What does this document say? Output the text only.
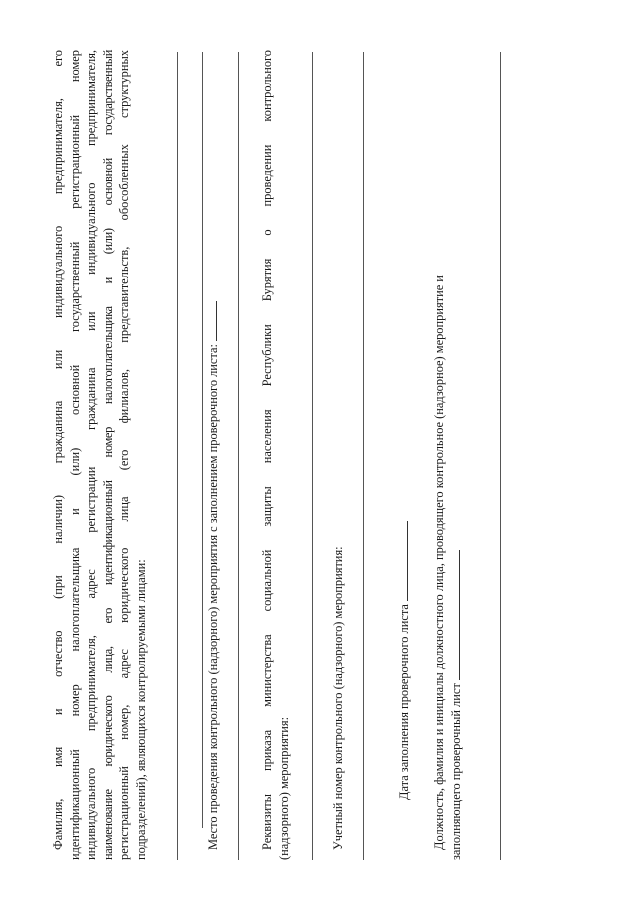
Фамилия, имя и отчество (при наличии) гражданина или индивидуального предпринимателя, его идентификационный номер налогоплательщика и (или) основной государственный регистрационный номер индивидуального предпринимателя, адрес регистрации гражданина или индивидуального предпринимателя, наименование юридического лица, его идентификационный номер налогоплательщика и (или) основной государственный регистрационный номер, адрес юридического лица (его филиалов, представительств, обособленных структурных подразделений), являющихся контролируемыми лицами:	Место проведения контрольного (надзорного) мероприятия с заполнением проверочного листа:	Реквизиты приказа министерства социальной защиты населения Республики Бурятия о проведении контрольного (надзорного) мероприятия:	Учетный номер контрольного (надзорного) мероприятия:	Дата заполнения проверочного листа Должность, фамилия и инициалы должностного лица, проводящего контрольное (надзорное) мероприятие и заполняющего проверочный лист
